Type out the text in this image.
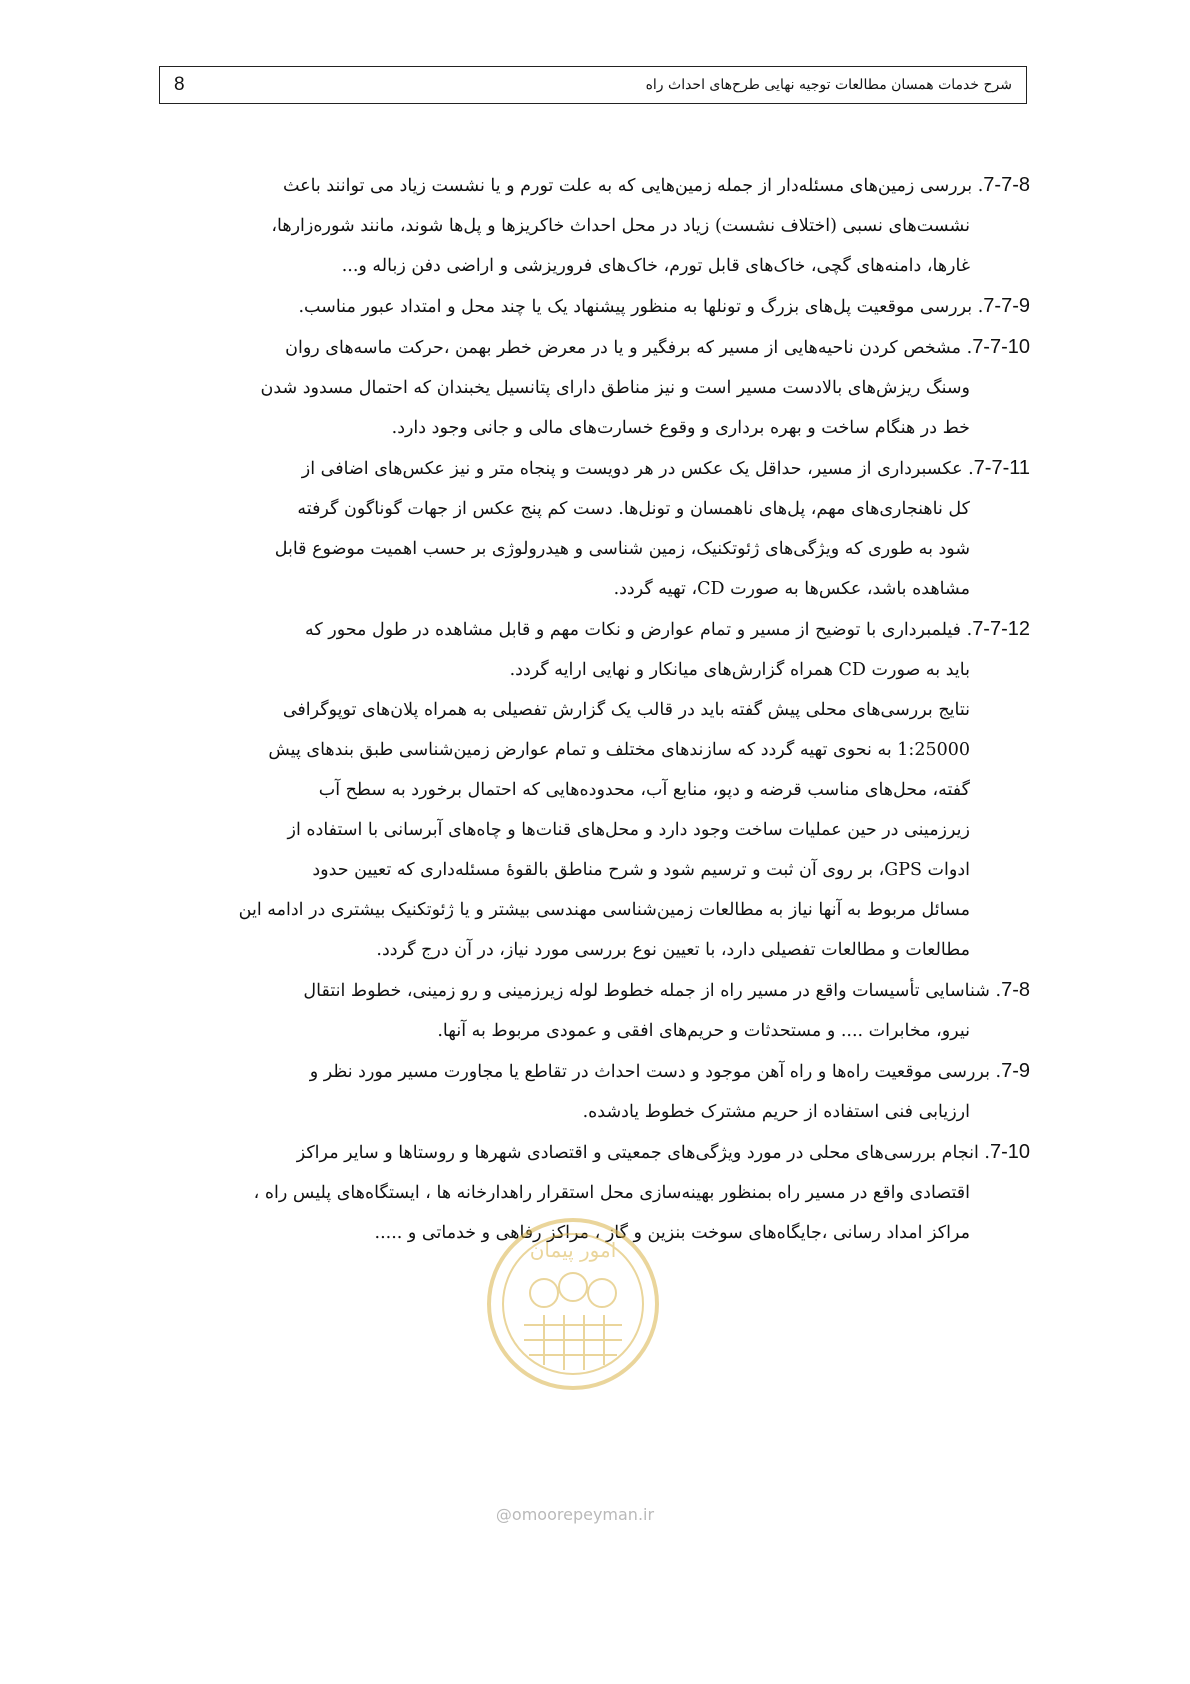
8	شرح خدمات همسان مطالعات توجیه نهایی طرح‌های احداث راه
7-7-8. بررسی زمین‌های مسئله‌دار از جمله زمین‌هایی که به علت تورم و یا نشست زیاد می توانند باعث
نشست‌های نسبی (اختلاف نشست) زیاد در محل احداث خاکریزها و پل‌ها شوند، مانند شوره‌زارها،
غارها، دامنه‌های گچی، خاک‌های قابل تورم، خاک‌های فروریزشی و اراضی دفن زباله و...
7-7-9. بررسی موقعیت پل‌های بزرگ و تونلها به منظور پیشنهاد یک یا چند محل و امتداد عبور مناسب.
7-7-10. مشخص کردن ناحیه‌هایی از مسیر که برفگیر و یا در معرض خطر بهمن ،حرکت ماسه‌های روان
وسنگ ریزش‌های بالادست مسیر است و نیز مناطق دارای پتانسیل یخبندان که احتمال مسدود شدن
خط در هنگام ساخت و بهره برداری و وقوع خسارت‌های مالی و جانی وجود دارد.
7-7-11. عکسبرداری از مسیر، حداقل یک عکس در هر دویست و پنجاه متر و نیز عکس‌های اضافی از
کل ناهنجاری‌های مهم، پل‌های ناهمسان و تونل‌ها. دست کم پنج عکس از جهات گوناگون گرفته
شود به طوری که ویژگی‌های ژئوتکنیک، زمین شناسی و هیدرولوژی بر حسب اهمیت موضوع قابل
مشاهده باشد، عکس‌ها به صورت CD، تهیه گردد.
7-7-12. فیلمبرداری با توضیح از مسیر و تمام عوارض و نکات مهم و قابل مشاهده در طول محور که
باید به صورت CD همراه گزارش‌های میانکار و نهایی ارایه گردد.
نتایج بررسی‌های محلی پیش گفته باید در قالب یک گزارش تفصیلی به همراه پلان‌های توپوگرافی
1:25000 به نحوی تهیه گردد که سازندهای مختلف و تمام عوارض زمین‌شناسی طبق بندهای پیش
گفته، محل‌های مناسب قرضه و دپو، منابع آب، محدوده‌هایی که احتمال برخورد به سطح آب
زیرزمینی در حین عملیات ساخت وجود دارد و محل‌های قنات‌ها و چاه‌های آبرسانی با استفاده از
ادوات GPS، بر روی آن ثبت و ترسیم شود و شرح مناطق بالقوهٔ مسئله‌داری که تعیین حدود
مسائل مربوط به آنها نیاز به مطالعات زمین‌شناسی مهندسی بیشتر و یا ژئوتکنیک بیشتری در ادامه این
مطالعات و مطالعات تفصیلی دارد، با تعیین نوع بررسی مورد نیاز، در آن درج گردد.
7-8. شناسایی تأسیسات واقع در مسیر راه از جمله خطوط لوله زیرزمینی و رو زمینی، خطوط انتقال
نیرو، مخابرات .... و مستحدثات و حریم‌های افقی و عمودی مربوط به آنها.
7-9. بررسی موقعیت راه‌ها و راه آهن موجود و دست احداث در تقاطع یا مجاورت مسیر مورد نظر و
ارزیابی فنی استفاده از حریم مشترک خطوط یادشده.
7-10. انجام بررسی‌های محلی در مورد ویژگی‌های جمعیتی و اقتصادی شهرها و روستاها و سایر مراکز
اقتصادی واقع در مسیر راه بمنظور بهینه‌سازی محل استقرار راهدارخانه ها ، ایستگاه‌های پلیس راه ،
مراکز امداد رسانی ،جایگاه‌های سوخت بنزین و گاز ، مراکز رفاهی و خدماتی و .....
امور پیمان
@omoorepeyman.ir
